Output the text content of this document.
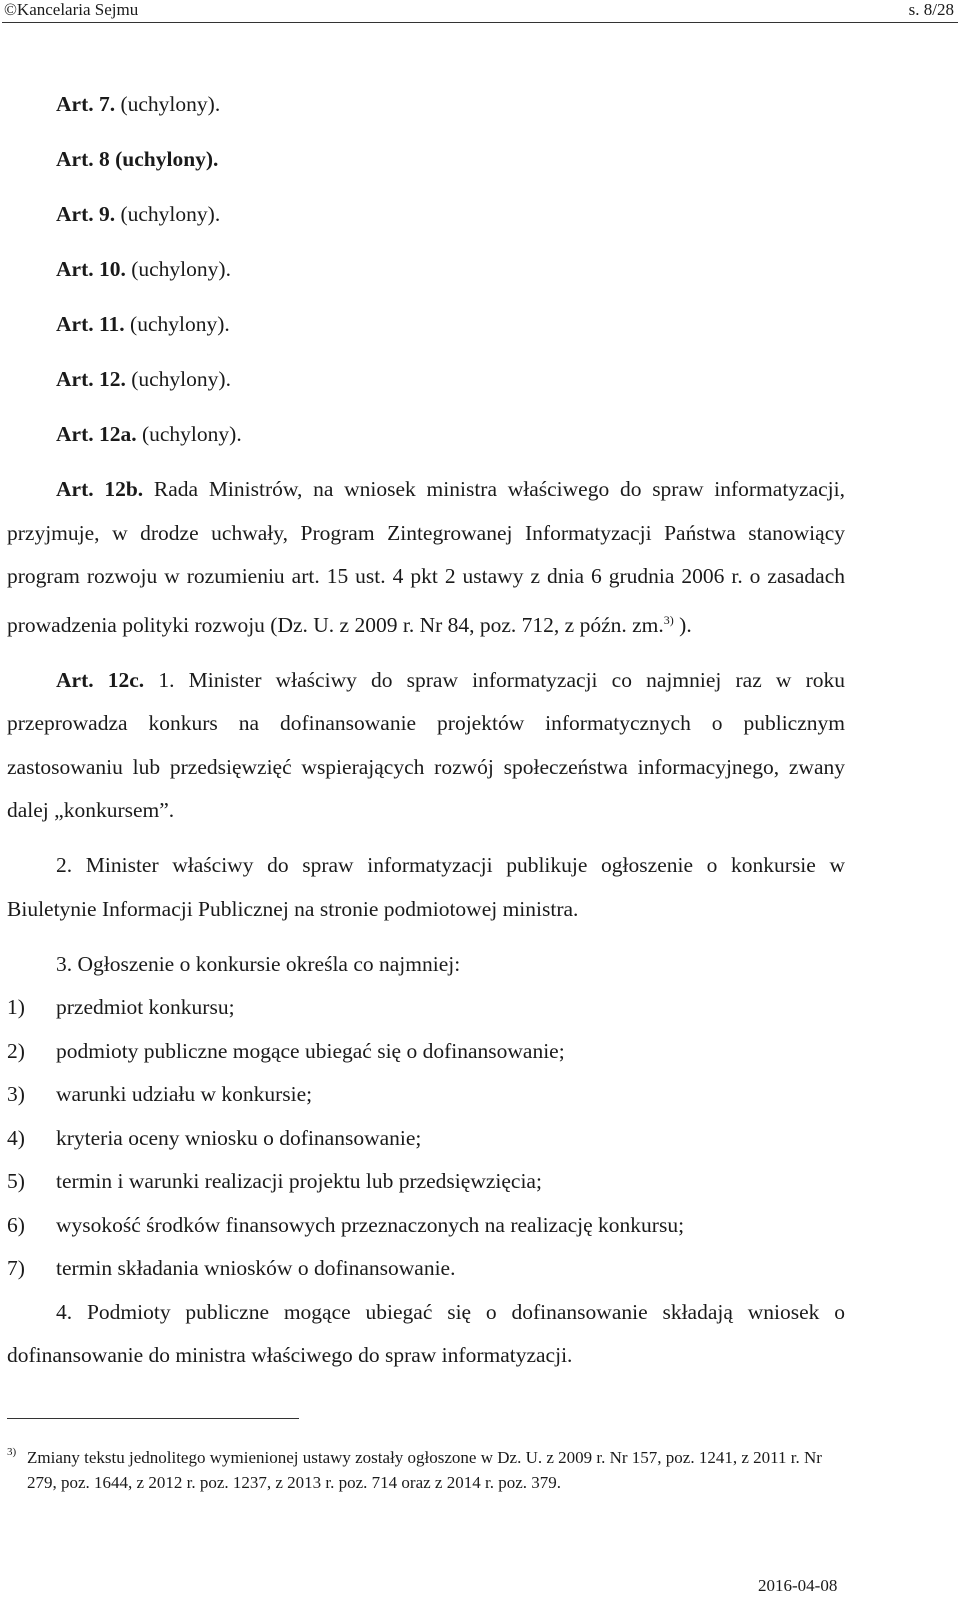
©Kancelaria Sejmu	s. 8/28

Art. 7. (uchylony).

Art. 8 (uchylony).

Art. 9. (uchylony).

Art. 10. (uchylony).

Art. 11. (uchylony).

Art. 12. (uchylony).

Art. 12a. (uchylony).

Art. 12b. Rada Ministrów, na wniosek ministra właściwego do spraw informatyzacji, przyjmuje, w drodze uchwały, Program Zintegrowanej Informatyzacji Państwa stanowiący program rozwoju w rozumieniu art. 15 ust. 4 pkt 2 ustawy z dnia 6 grudnia 2006 r. o zasadach prowadzenia polityki rozwoju (Dz. U. z 2009 r. Nr 84, poz. 712, z późn. zm.$^{3)}$ ).

Art. 12c. 1. Minister właściwy do spraw informatyzacji co najmniej raz w roku przeprowadza konkurs na dofinansowanie projektów informatycznych o publicznym zastosowaniu lub przedsięwzięć wspierających rozwój społeczeństwa informacyjnego, zwany dalej „konkursem”.

2. Minister właściwy do spraw informatyzacji publikuje ogłoszenie o konkursie w Biuletynie Informacji Publicznej na stronie podmiotowej ministra.

3. Ogłoszenie o konkursie określa co najmniej:

1)	przedmiot konkursu;
2)	podmioty publiczne mogące ubiegać się o dofinansowanie;
3)	warunki udziału w konkursie;
4)	kryteria oceny wniosku o dofinansowanie;
5)	termin i warunki realizacji projektu lub przedsięwzięcia;
6)	wysokość środków finansowych przeznaczonych na realizację konkursu;
7)	termin składania wniosków o dofinansowanie.

4. Podmioty publiczne mogące ubiegać się o dofinansowanie składają wniosek o dofinansowanie do ministra właściwego do spraw informatyzacji.

3) Zmiany tekstu jednolitego wymienionej ustawy zostały ogłoszone w Dz. U. z 2009 r. Nr 157, poz. 1241, z 2011 r. Nr 279, poz. 1644, z 2012 r. poz. 1237, z 2013 r. poz. 714 oraz z 2014 r. poz. 379.
2016-04-08
